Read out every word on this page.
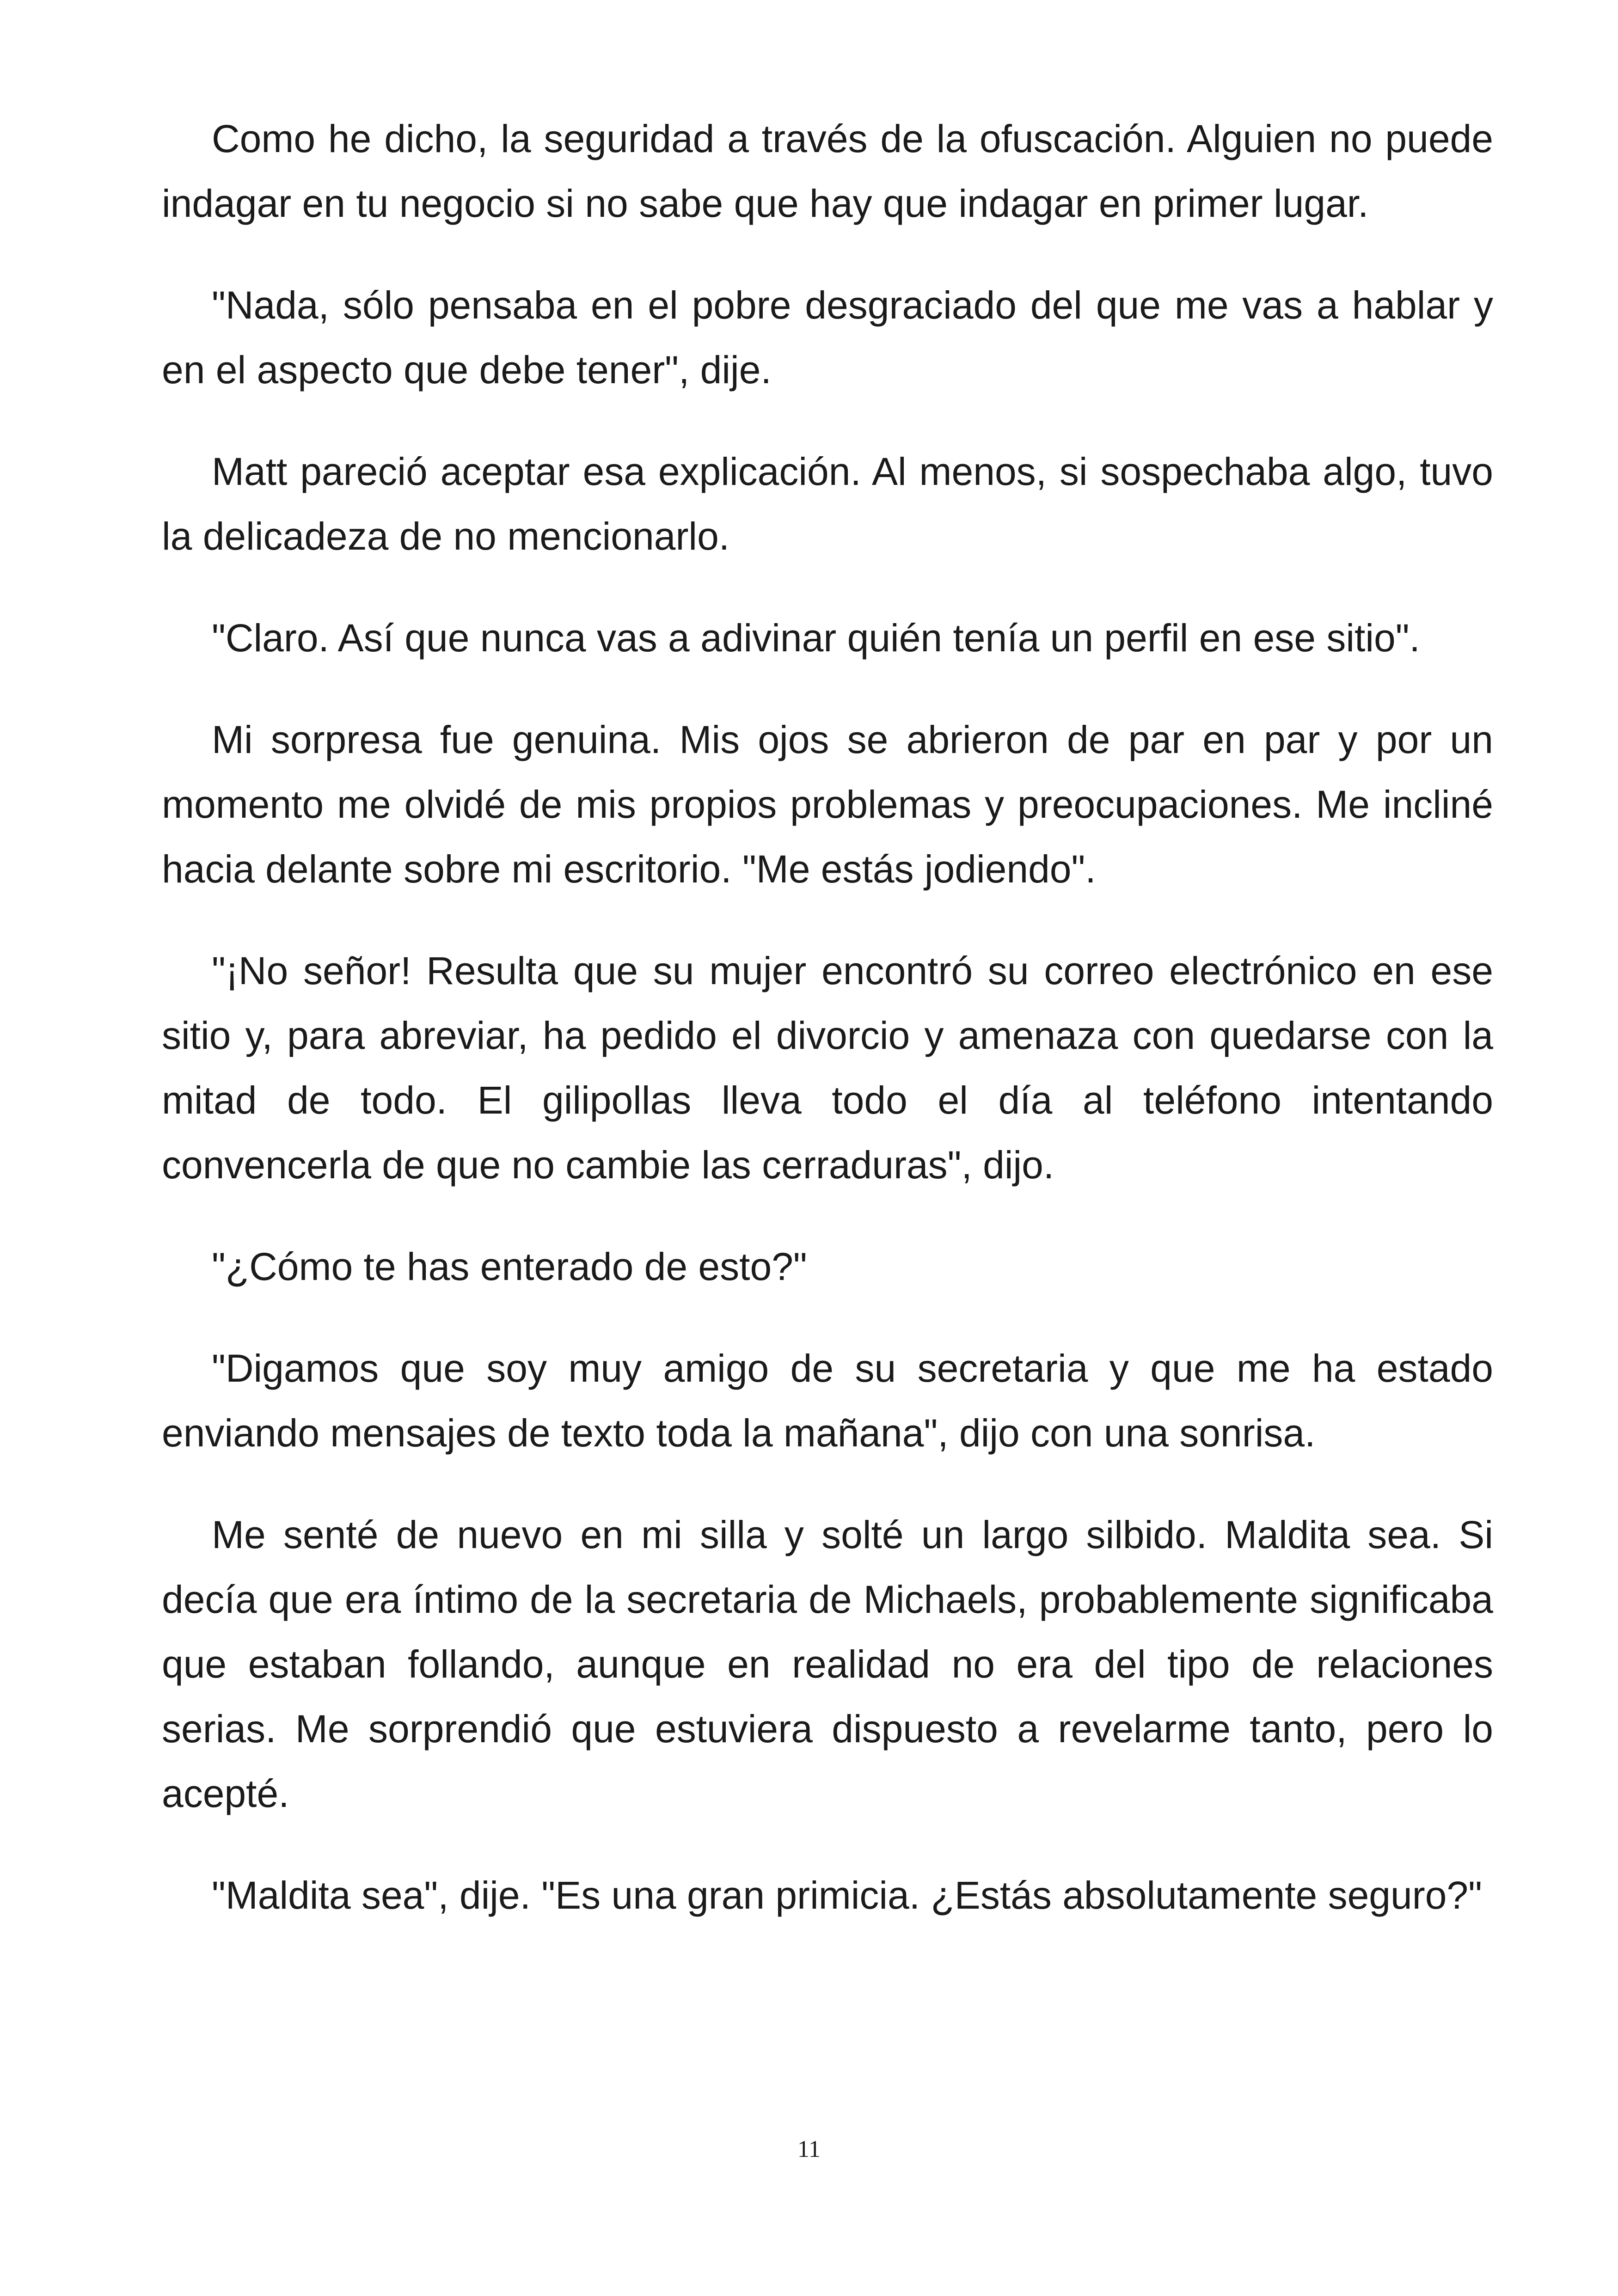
Como he dicho, la seguridad a través de la ofuscación. Alguien no puede indagar en tu negocio si no sabe que hay que indagar en primer lugar.

"Nada, sólo pensaba en el pobre desgraciado del que me vas a hablar y en el aspecto que debe tener", dije.

Matt pareció aceptar esa explicación. Al menos, si sospechaba algo, tuvo la delicadeza de no mencionarlo.

"Claro. Así que nunca vas a adivinar quién tenía un perfil en ese sitio".

Mi sorpresa fue genuina. Mis ojos se abrieron de par en par y por un momento me olvidé de mis propios problemas y preocupaciones. Me incliné hacia delante sobre mi escritorio. "Me estás jodiendo".

"¡No señor! Resulta que su mujer encontró su correo electrónico en ese sitio y, para abreviar, ha pedido el divorcio y amenaza con quedarse con la mitad de todo. El gilipollas lleva todo el día al teléfono intentando convencerla de que no cambie las cerraduras", dijo.

"¿Cómo te has enterado de esto?"

"Digamos que soy muy amigo de su secretaria y que me ha estado enviando mensajes de texto toda la mañana", dijo con una sonrisa.

Me senté de nuevo en mi silla y solté un largo silbido. Maldita sea. Si decía que era íntimo de la secretaria de Michaels, probablemente significaba que estaban follando, aunque en realidad no era del tipo de relaciones serias. Me sorprendió que estuviera dispuesto a revelarme tanto, pero lo acepté.

"Maldita sea", dije. "Es una gran primicia. ¿Estás absolutamente seguro?"

11
